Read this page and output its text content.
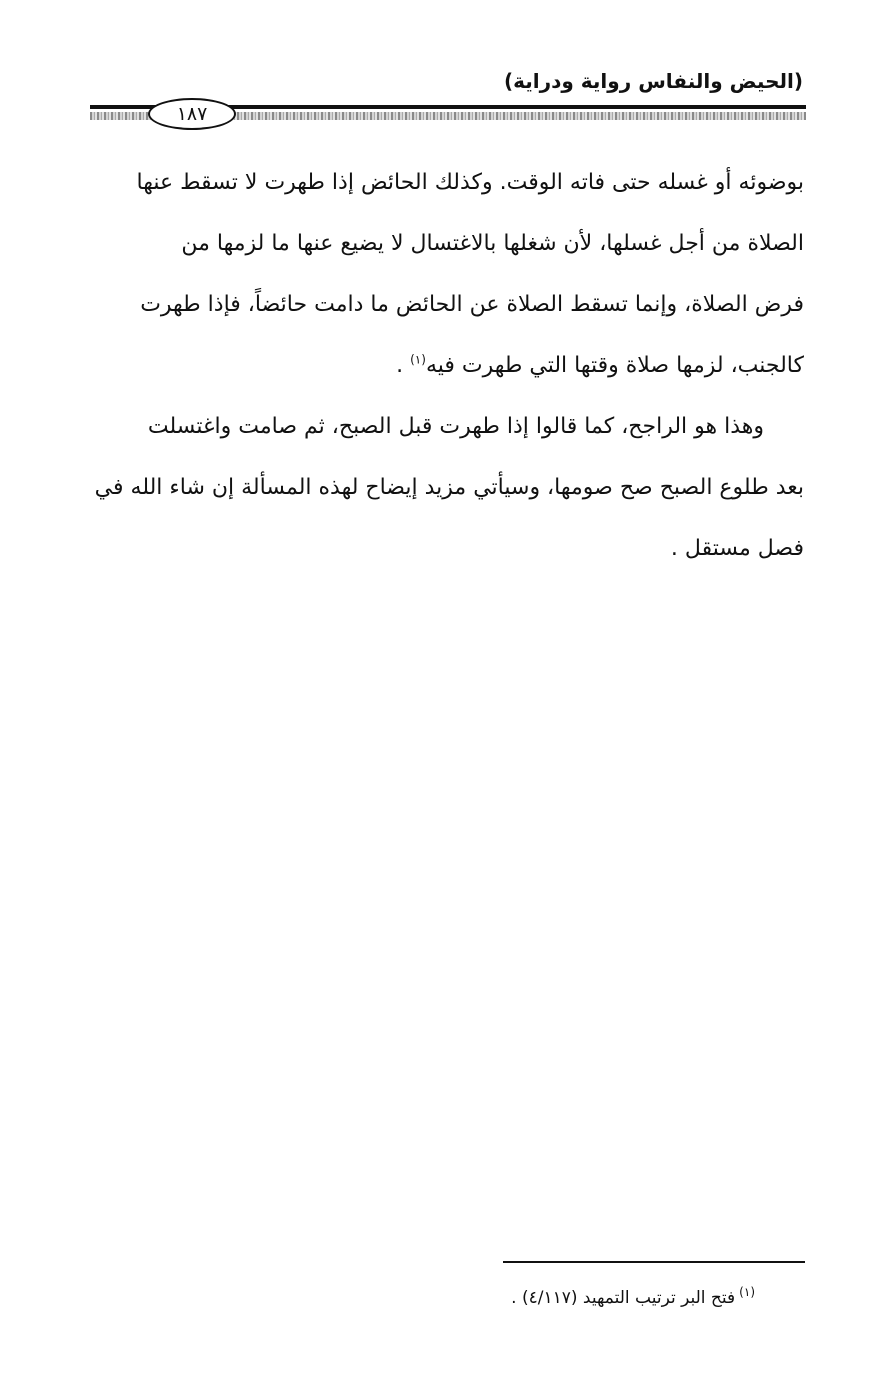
(الحيض والنفاس رواية ودراية)
١٨٧
بوضوئه أو غسله حتى فاته الوقت. وكذلك الحائض إذا طهرت لا تسقط عنها
الصلاة من أجل غسلها، لأن شغلها بالاغتسال لا يضيع عنها ما لزمها من
فرض الصلاة، وإنما تسقط الصلاة عن الحائض ما دامت حائضاً، فإذا طهرت
كالجنب، لزمها صلاة وقتها التي طهرت فيه$^{(١)}$ .
وهذا هو الراجح، كما قالوا إذا طهرت قبل الصبح، ثم صامت واغتسلت
بعد طلوع الصبح صح صومها، وسيأتي مزيد إيضاح لهذه المسألة إن شاء الله في
فصل مستقل .
$^{(١)}$فتح البر ترتيب التمهيد (٤/١١٧) .
